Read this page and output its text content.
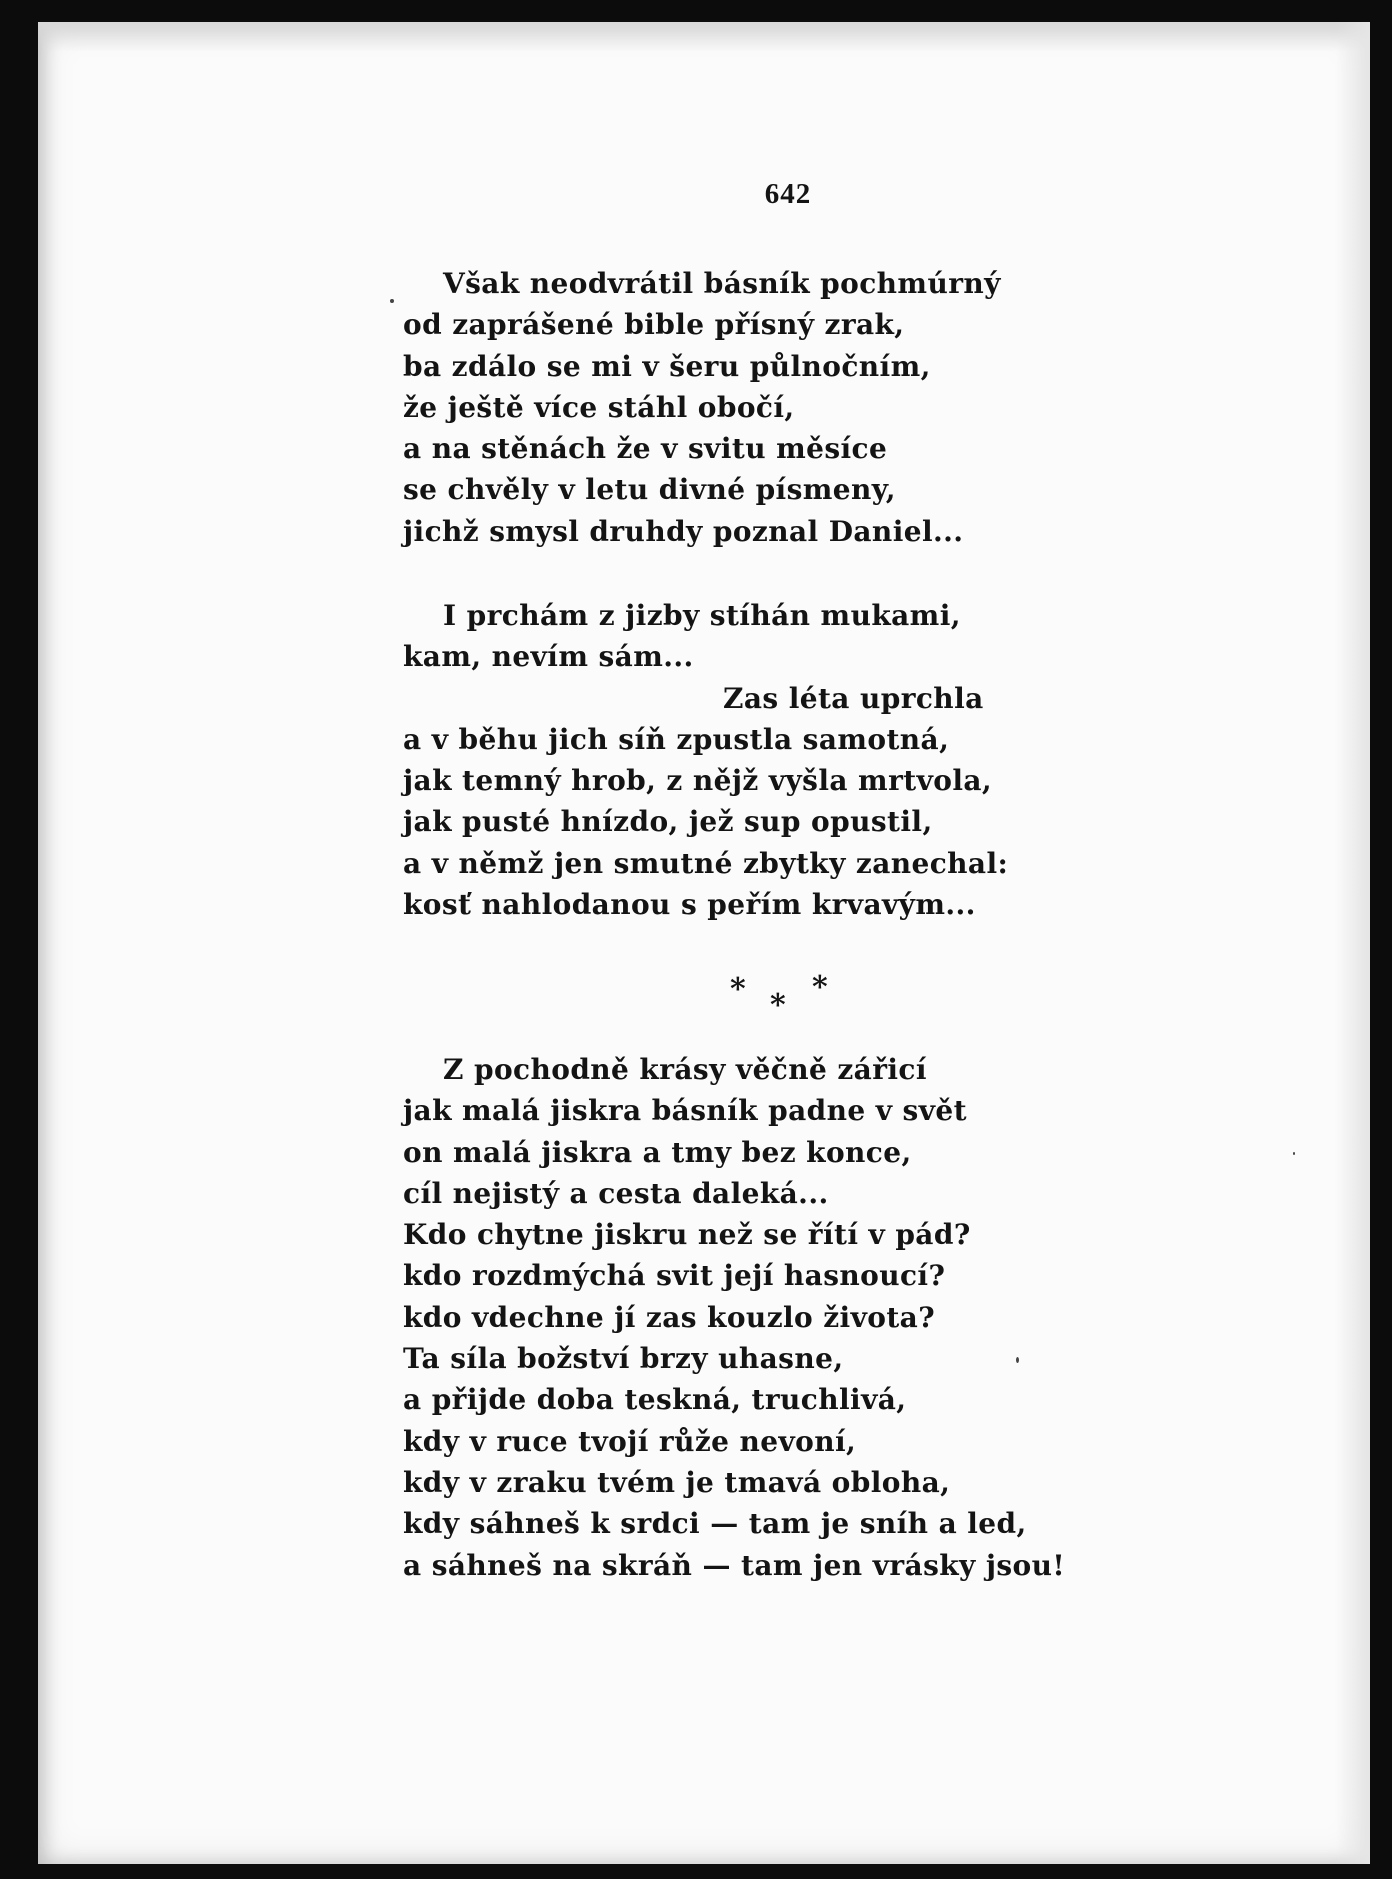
642
Však neodvrátil básník pochmúrný
od zaprášené bible přísný zrak,
ba zdálo se mi v šeru půlnočním,
že ještě více stáhl obočí,
a na stěnách že v svitu měsíce
se chvěly v letu divné písmeny,
jichž smysl druhdy poznal Daniel...
I prchám z jizby stíhán mukami,
kam, nevím sám...
Zas léta uprchla
a v běhu jich síň zpustla samotná,
jak temný hrob, z nějž vyšla mrtvola,
jak pusté hnízdo, jež sup opustil,
a v němž jen smutné zbytky zanechal:
kosť nahlodanou s peřím krvavým...
* *
*
Z pochodně krásy věčně zářicí
jak malá jiskra básník padne v svět
on malá jiskra a tmy bez konce,
cíl nejistý a cesta daleká...
Kdo chytne jiskru než se řítí v pád?
kdo rozdmýchá svit její hasnoucí?
kdo vdechne jí zas kouzlo života?
Ta síla božství brzy uhasne,
a přijde doba teskná, truchlivá,
kdy v ruce tvojí růže nevoní,
kdy v zraku tvém je tmavá obloha,
kdy sáhneš k srdci — tam je sníh a led,
a sáhneš na skráň — tam jen vrásky jsou!
